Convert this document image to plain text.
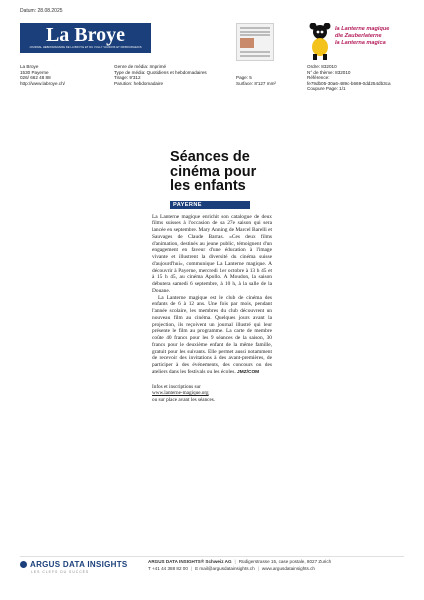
Datum: 28.08.2025
La Broye
JOURNAL HEBDOMADAIRE DE LA BROYE ET DU VULLY VAUDOIS ET FRIBOURGEOIS
la Lanterne magique
die Zauberlaterne
la Lanterna magica
La Broye
1530 Payerne
026/ 662 48 88
http://www.labroye.ch/
Genre de média: Imprimé
Type de média: Quotidiens et hebdomadaires
Tirage: 9'312
Parution: hebdomadaire
Page: 5
Surface: 8'127 mm²
Ordre: 832010
N° de thème: 832010
Référence:
fe79db05-30a6-489c-b669-0dd254db3ca
Coupure Page: 1/1
Séances de cinéma pour les enfants
PAYERNE

La Lanterne magique enrichit son catalogue de deux films suisses à l'occasion de sa 27e saison qui sera lancée en septembre. Mary Anning de Marcel Barelli et Sauvages de Claude Barras. «Ces deux films d'animation, destinés au jeune public, témoignent d'un engagement en faveur d'une éducation à l'image vivante et illustrent la diversité du cinéma suisse d'aujourd'hui», communique La Lanterne magique. A découvrir à Payerne, mercredi 1er octobre à 13 h 45 et à 15 h 45, au cinéma Apollo. A Moudon, la saison débutera samedi 6 septembre, à 10 h, à la salle de la Douane.

La Lanterne magique est le club de cinéma des enfants de 6 à 12 ans. Une fois par mois, pendant l'année scolaire, les membres du club découvrent un nouveau film au cinéma. Quelques jours avant la projection, ils reçoivent un journal illustré qui leur présente le film au programme. La carte de membre coûte 40 francs pour les 9 séances de la saison, 30 francs pour le deuxième enfant de la même famille, gratuit pour les suivants. Elle permet aussi notamment de recevoir des invitations à des avant-premières, de participer à des événements, des concours ou des ateliers dans les festivals ou les écoles. JMZ/COM

Infos et inscriptions sur
www.lanterne-magique.org
ou sur place avant les séances.
ARGUS DATA INSIGHTS
LES CLEFS DU SUCCÈS
ARGUS DATA INSIGHTS® Schweiz AG | Rüdigerstrasse 15, case postale, 8027 Zurich
T +41 44 388 82 00 | E mail@argusdatainsights.ch | www.argusdatainsights.ch
